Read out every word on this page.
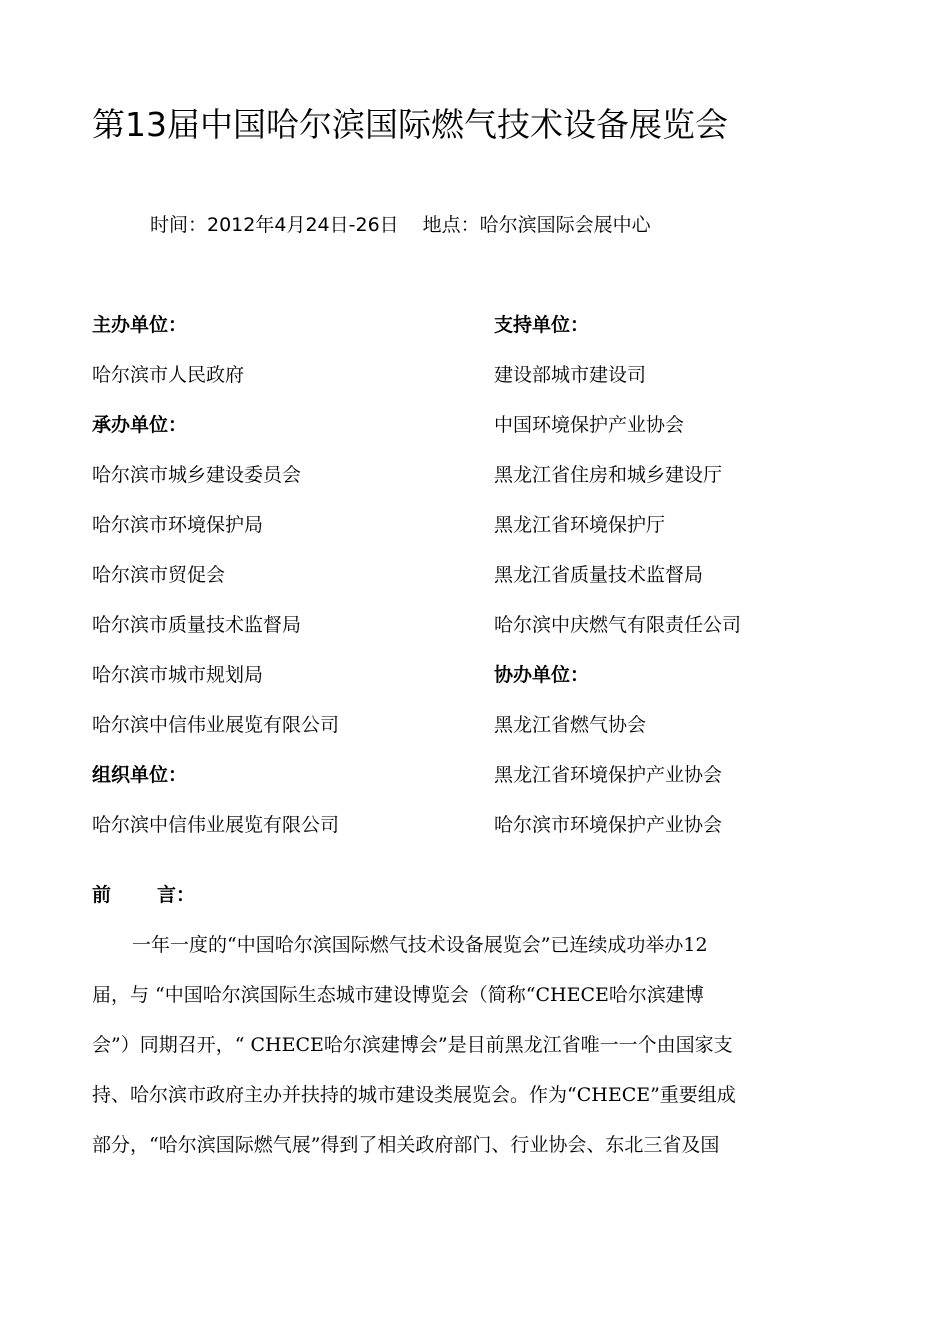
第13届中国哈尔滨国际燃气技术设备展览会
时间：2012年4月24日-26日 地点：哈尔滨国际会展中心
主办单位：
哈尔滨市人民政府
承办单位：
哈尔滨市城乡建设委员会
哈尔滨市环境保护局
哈尔滨市贸促会
哈尔滨市质量技术监督局
哈尔滨市城市规划局
哈尔滨中信伟业展览有限公司
组织单位：
哈尔滨中信伟业展览有限公司
支持单位：
建设部城市建设司
中国环境保护产业协会
黑龙江省住房和城乡建设厅
黑龙江省环境保护厅
黑龙江省质量技术监督局
哈尔滨中庆燃气有限责任公司
协办单位：
黑龙江省燃气协会
黑龙江省环境保护产业协会
哈尔滨市环境保护产业协会
前 言：
一年一度的“中国哈尔滨国际燃气技术设备展览会”已连续成功举办12
届，与 “中国哈尔滨国际生态城市建设博览会（简称“CHECE哈尔滨建博
会”）同期召开，“ CHECE哈尔滨建博会”是目前黑龙江省唯一一个由国家支
持、哈尔滨市政府主办并扶持的城市建设类展览会。作为“CHECE”重要组成
部分，“哈尔滨国际燃气展”得到了相关政府部门、行业协会、东北三省及国
